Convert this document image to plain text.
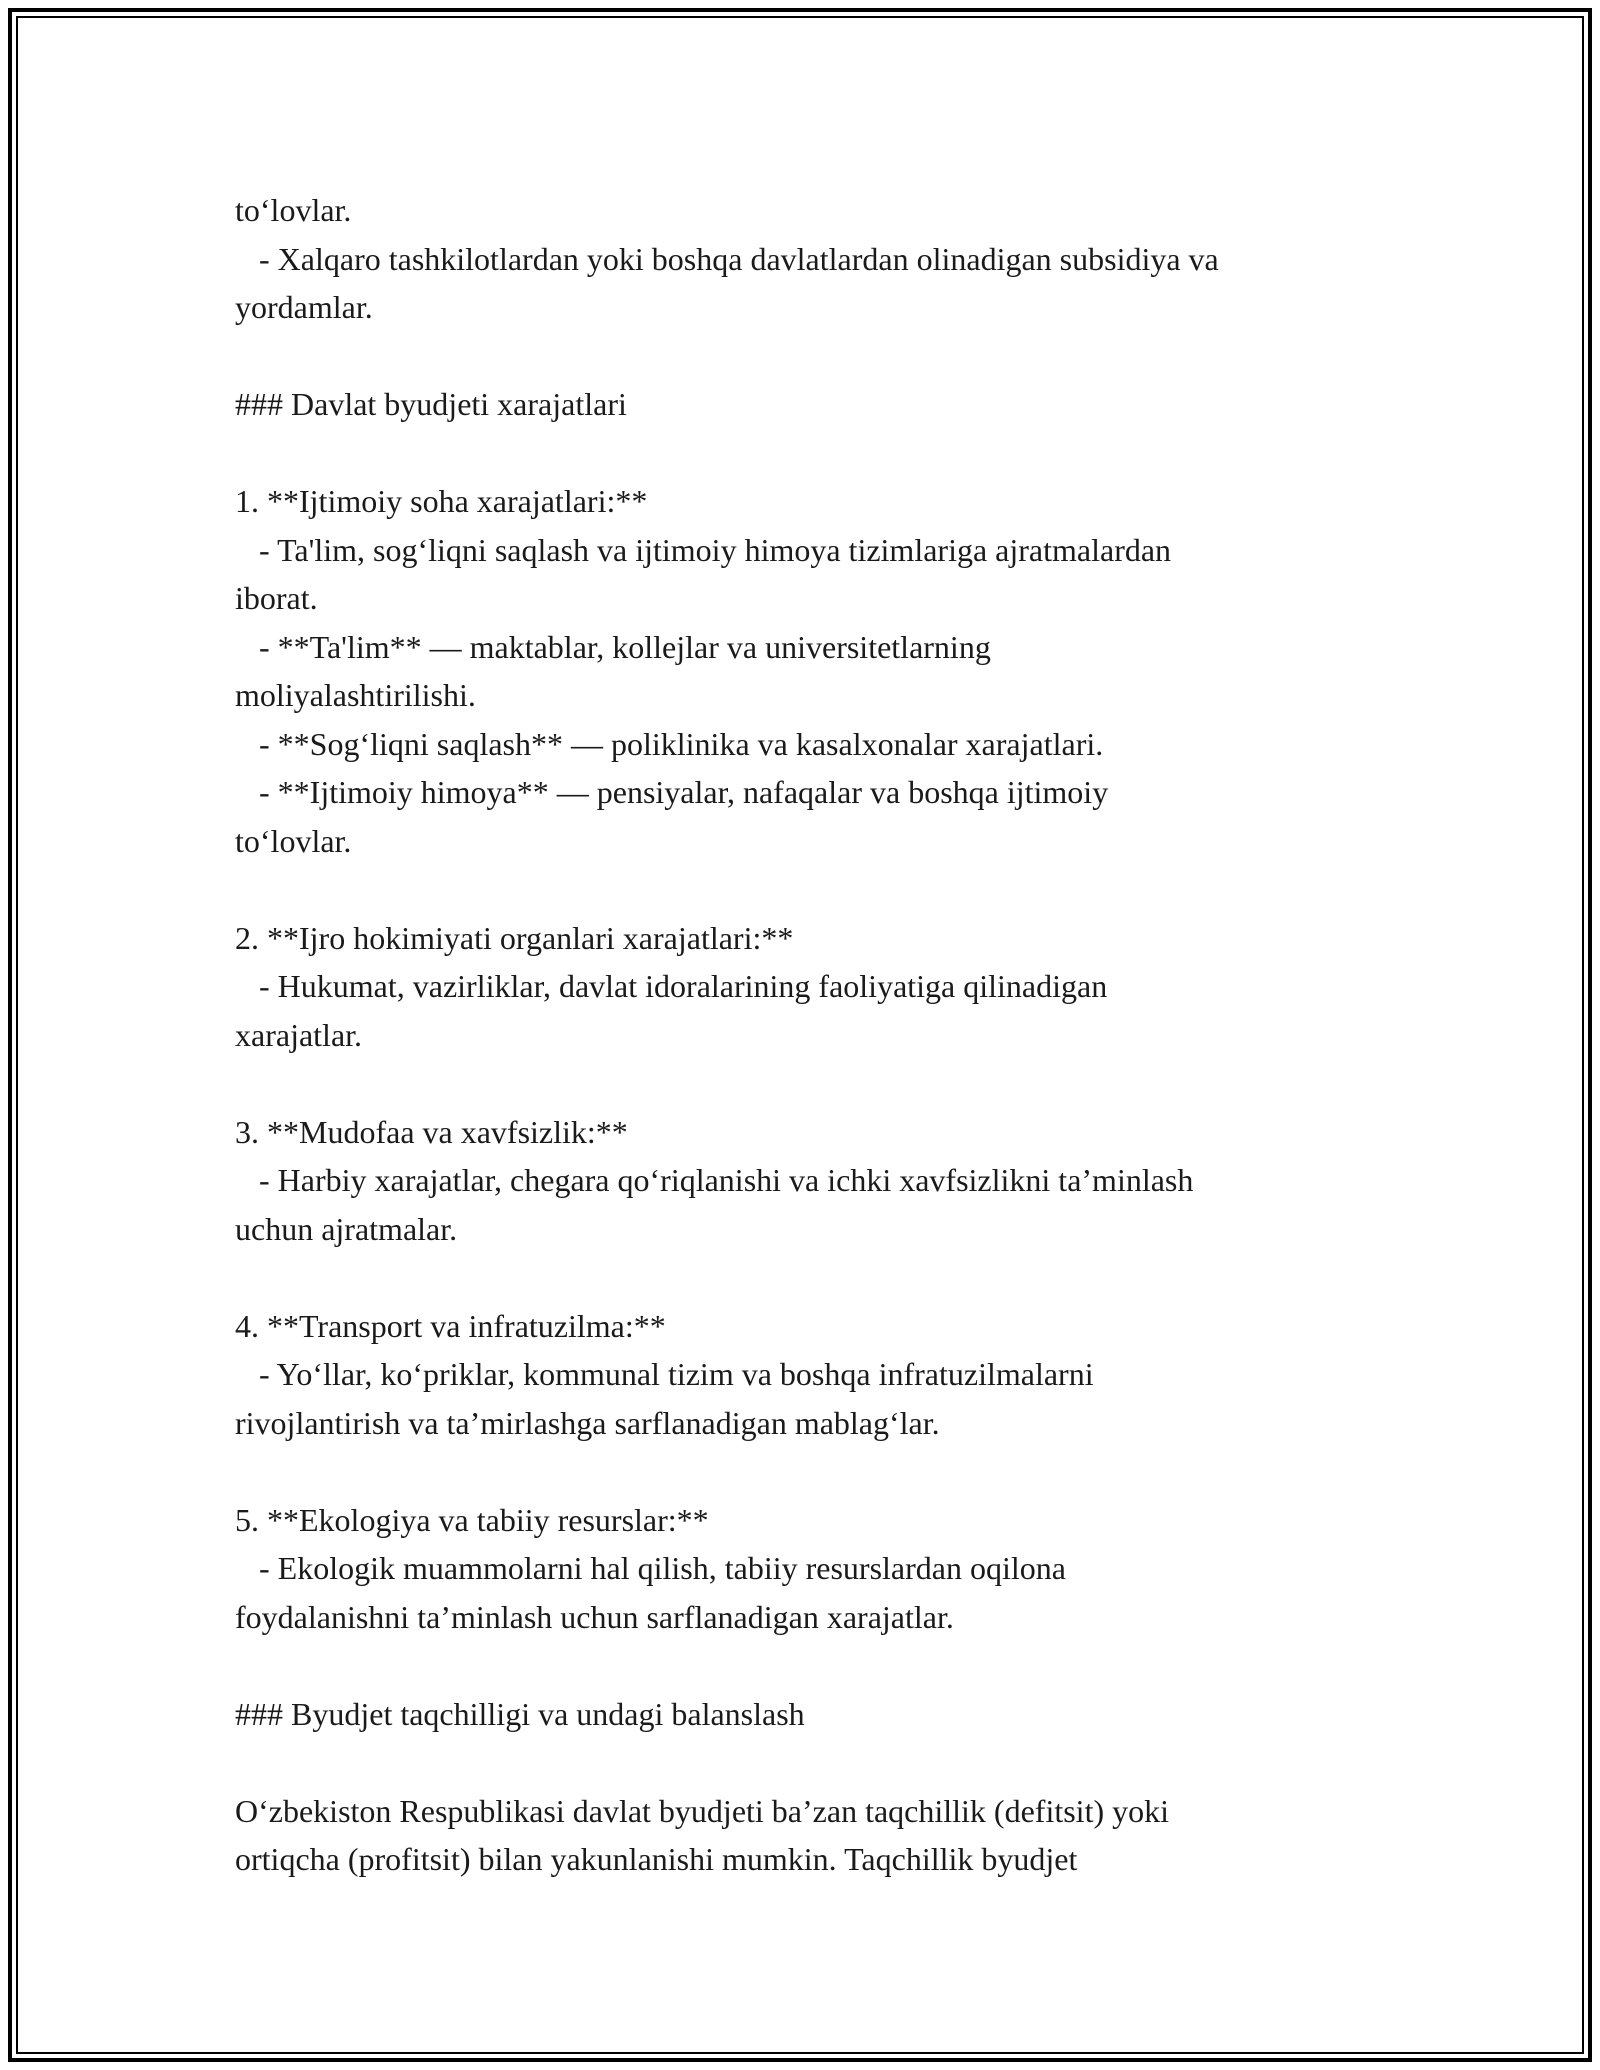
to‘lovlar.
- Xalqaro tashkilotlardan yoki boshqa davlatlardan olinadigan subsidiya va
yordamlar.
### Davlat byudjeti xarajatlari
1. **Ijtimoiy soha xarajatlari:**
- Ta'lim, sog‘liqni saqlash va ijtimoiy himoya tizimlariga ajratmalardan
iborat.
- **Ta'lim** — maktablar, kollejlar va universitetlarning
moliyalashtirilishi.
- **Sog‘liqni saqlash** — poliklinika va kasalxonalar xarajatlari.
- **Ijtimoiy himoya** — pensiyalar, nafaqalar va boshqa ijtimoiy
to‘lovlar.
2. **Ijro hokimiyati organlari xarajatlari:**
- Hukumat, vazirliklar, davlat idoralarining faoliyatiga qilinadigan
xarajatlar.
3. **Mudofaa va xavfsizlik:**
- Harbiy xarajatlar, chegara qo‘riqlanishi va ichki xavfsizlikni ta’minlash
uchun ajratmalar.
4. **Transport va infratuzilma:**
- Yo‘llar, ko‘priklar, kommunal tizim va boshqa infratuzilmalarni
rivojlantirish va ta’mirlashga sarflanadigan mablag‘lar.
5. **Ekologiya va tabiiy resurslar:**
- Ekologik muammolarni hal qilish, tabiiy resurslardan oqilona
foydalanishni ta’minlash uchun sarflanadigan xarajatlar.
### Byudjet taqchilligi va undagi balanslash
O‘zbekiston Respublikasi davlat byudjeti ba’zan taqchillik (defitsit) yoki
ortiqcha (profitsit) bilan yakunlanishi mumkin. Taqchillik byudjet
